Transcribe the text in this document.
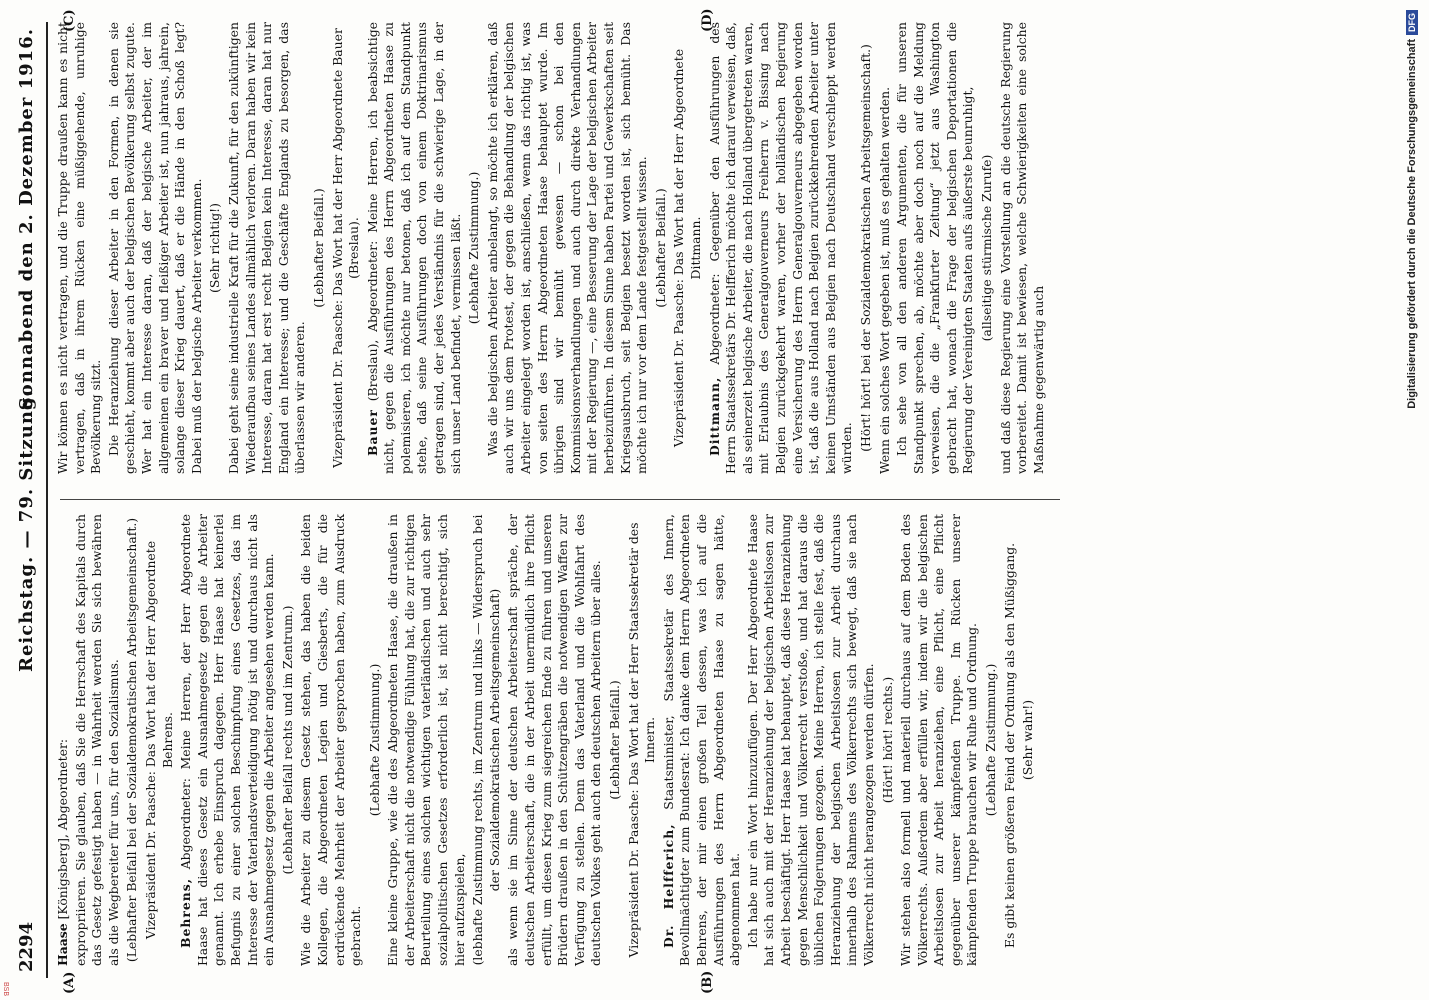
2294
Reichstag. — 79. Sitzung.
Sonnabend den 2. Dezember 1916.
(A)	(B)
(C)	(D)

Haase [Königsberg], Abgeordneter: expropriieren. Sie glauben, daß Sie die Herrschaft des Kapitals durch das Gesetz gefestigt haben — in Wahrheit werden Sie sich bewähren als die Wegbereiter für uns, für den Sozialismus. (Lebhafter Beifall bei der Sozialdemokratischen Arbeitsgemeinschaft.) Vizepräsident Dr. Paasche: Das Wort hat der Herr Abgeordnete Behrens.

Behrens, Abgeordneter: Meine Herren, der Herr Abgeordnete Haase hat dieses Gesetz ein Ausnahmegesetz gegen die Arbeiter genannt. Ich erhebe Einspruch dagegen. Herr Haase hat keinerlei Befugnis zu einer solchen Beschimpfung eines Gesetzes, das im Interesse der Vaterlandsverteidigung nötig ist und durchaus nicht als ein Ausnahmegesetz gegen die Arbeiter angesehen werden kann. (Lebhafter Beifall rechts und im Zentrum.) Wie die Arbeiter zu diesem Gesetz stehen, das haben die beiden Kollegen, die Abgeordneten Legien und Giesberts, die für die erdrückende Mehrheit der Arbeiter gesprochen haben, zum Ausdruck gebracht.

(Lebhafte Zustimmung.) Eine kleine Gruppe, wie die des Abgeordneten Haase, die draußen in der Arbeiterschaft nicht die notwendige Fühlung hat, die zur richtigen Beurteilung eines solchen wichtigen vaterländischen und auch sehr sozialpolitischen Gesetzes erforderlich ist, ist nicht berechtigt, sich hier aufzuspielen, (lebhafte Zustimmung rechts, im Zentrum und links — Widerspruch bei der Sozialdemokratischen Arbeitsgemeinschaft) als wenn sie im Sinne der deutschen Arbeiterschaft spräche, der deutschen Arbeiterschaft, die in der Arbeit unermüdlich ihre Pflicht erfüllt, um diesen Krieg zum siegreichen Ende zu führen und unseren Brüdern draußen in den Schützengräben die notwendigen Waffen zur Verfügung zu stellen. Denn das Vaterland und die Wohlfahrt des deutschen Volkes geht auch den deutschen Arbeitern über alles. (Lebhafter Beifall.) Vizepräsident Dr. Paasche: Das Wort hat der Herr Staatssekretär des Innern.

Dr. Helfferich, Staatsminister, Staatssekretär des Innern, Bevollmächtigter zum Bundesrat: Ich danke dem Herrn Abgeordneten Behrens, der mir einen großen Teil dessen, was ich auf die Ausführungen des Herrn Abgeordneten Haase zu sagen hätte, abgenommen hat. Ich habe nur ein Wort hinzuzufügen. Der Herr Abgeordnete Haase hat sich auch mit der Heranziehung der belgischen Arbeitslosen zur Arbeit beschäftigt. Herr Haase hat behauptet, daß diese Heranziehung gegen Menschlichkeit und Völkerrecht verstoße, und hat daraus die üblichen Folgerungen gezogen. Meine Herren, ich stelle fest, daß die Heranziehung der belgischen Arbeitslosen zur Arbeit durchaus innerhalb des Rahmens des Völkerrechts sich bewegt, daß sie nach Völkerrecht nicht herangezogen werden dürfen. (Hört! hört! rechts.) Wir stehen also formell und materiell durchaus auf dem Boden des Völkerrechts. Außerdem aber erfüllen wir, indem wir die belgischen Arbeitslosen zur Arbeit heranziehen, eine Pflicht, eine Pflicht gegenüber unserer kämpfenden Truppe. Im Rücken unserer kämpfenden Truppe brauchen wir Ruhe und Ordnung. (Lebhafte Zustimmung.) Es gibt keinen größeren Feind der Ordnung als den Müßiggang. (Sehr wahr!)

Wir können es nicht vertragen, und die Truppe draußen kann es nicht vertragen, daß in ihrem Rücken eine müßiggehende, unruhige Bevölkerung sitzt. Die Heranziehung dieser Arbeiter in den Formen, in denen sie geschieht, kommt aber auch der belgischen Bevölkerung selbst zugute. Wer hat ein Interesse daran, daß der belgische Arbeiter, der im allgemeinen ein braver und fleißiger Arbeiter ist, nun jahraus, jahrein, solange dieser Krieg dauert, daß er die Hände in den Schoß legt? Dabei muß der belgische Arbeiter verkommen. (Sehr richtig!) Dabei geht seine industrielle Kraft für die Zukunft, für den zukünftigen Wiederaufbau seines Landes allmählich verloren. Daran haben wir kein Interesse, daran hat erst recht Belgien kein Interesse, daran hat nur England ein Interesse; und die Geschäfte Englands zu besorgen, das überlassen wir anderen.

(Lebhafter Beifall.) Vizepräsident Dr. Paasche: Das Wort hat der Herr Abgeordnete Bauer (Breslau).

Bauer (Breslau), Abgeordneter: Meine Herren, ich beabsichtige nicht, gegen die Ausführungen des Herrn Abgeordneten Haase zu polemisieren, ich möchte nur betonen, daß ich auf dem Standpunkt stehe, daß seine Ausführungen doch von einem Doktrinarismus getragen sind, der jedes Verständnis für die schwierige Lage, in der sich unser Land befindet, vermissen läßt. (Lebhafte Zustimmung.) Was die belgischen Arbeiter anbelangt, so möchte ich erklären, daß auch wir uns dem Protest, der gegen die Behandlung der belgischen Arbeiter eingelegt worden ist, anschließen, wenn das richtig ist, was von seiten des Herrn Abgeordneten Haase behauptet wurde. Im übrigen sind wir bemüht gewesen — schon bei den Kommissionsverhandlungen und auch durch direkte Verhandlungen mit der Regierung —, eine Besserung der Lage der belgischen Arbeiter herbeizuführen. In diesem Sinne haben Partei und Gewerkschaften seit Kriegsausbruch, seit Belgien besetzt worden ist, sich bemüht. Das möchte ich nur vor dem Lande festgestellt wissen. (Lebhafter Beifall.) Vizepräsident Dr. Paasche: Das Wort hat der Herr Abgeordnete Dittmann.

Dittmann, Abgeordneter: Gegenüber den Ausführungen des Herrn Staatssekretärs Dr. Helfferich möchte ich darauf verweisen, daß, als seinerzeit belgische Arbeiter, die nach Holland übergetreten waren, mit Erlaubnis des Generalgouverneurs Freiherrn v. Bissing nach Belgien zurückgekehrt waren, vorher der holländischen Regierung eine Versicherung des Herrn Generalgouverneurs abgegeben worden ist, daß die aus Holland nach Belgien zurückkehrenden Arbeiter unter keinen Umständen aus Belgien nach Deutschland verschleppt werden würden. (Hört! hört! bei der Sozialdemokratischen Arbeitsgemeinschaft.) Wenn ein solches Wort gegeben ist, muß es gehalten werden. Ich sehe von all den anderen Argumenten, die für unseren Standpunkt sprechen, ab, möchte aber doch noch auf die Meldung verweisen, die die „Frankfurter Zeitung“ jetzt aus Washington gebracht hat, wonach die Frage der belgischen Deportationen die Regierung der Vereinigten Staaten aufs äußerste beunruhigt, (allseitige stürmische Zurufe) und daß diese Regierung eine Vorstellung an die deutsche Regierung vorbereitet. Damit ist bewiesen, welche Schwierigkeiten eine solche Maßnahme gegenwärtig auch	Digitalisierung gefördert durch die Deutsche ForschungsgemeinschaftDFG
BSB
